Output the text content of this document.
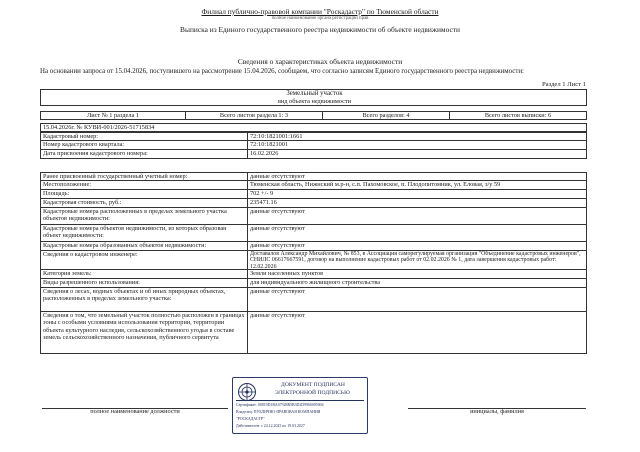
Филиал публично-правовой компании "Роскадастр" по Тюменской области
полное наименование органа регистрации прав
Выписка из Единого государственного реестра недвижимости об объекте недвижимости
Сведения о характеристиках объекта недвижимости
На основании запроса от 15.04.2026, поступившего на рассмотрение 15.04.2026, сообщаем, что согласно записям Единого государственного реестра недвижимости:
Раздел 1 Лист 1
Земельный участок
вид объекта недвижимости
Лист № 1 раздела 1	Всего листов раздела 1: 3	Всего разделов: 4	Всего листов выписки: 6
15.04.2026г. № КУВИ-001/2026-51715834
Кадастровый номер:	72:10:1821001:1661
Номер кадастрового квартала:	72:10:1821001
Дата присвоения кадастрового номера:	16.02.2026
Ранее присвоенный государственный учетный номер:	данные отсутствуют
Местоположение:	Тюменская область, Нижнский м.р-н, с.п. Пахомовское, п. Плодопитомник, ул. Еловая, з/у 59
Площадь:	702 +/- 9
Кадастровая стоимость, руб.:	235471.16
Кадастровые номера расположенных в пределах земельного участка объектов недвижимости:
данные отсутствуют
Кадастровые номера объектов недвижимости, из которых образован объект недвижимости:
данные отсутствуют
Кадастровые номера образованных объектов недвижимости:	данные отсутствуют
Сведения о кадастровом инженере:	Доставалов Александр Михайлович, № 853, в Ассоциация саморегулируемая организация "Объединение кадастровых инженеров", СНИЛС 06617667591, договор на выполнение кадастровых работ от 02.02.2026 № 1, дата завершения кадастровых работ: 12.02.2026
Категория земель:	Земли населенных пунктов
Виды разрешенного использования:	для индивидуального жилищного строительства
Сведения о лесах, водных объектах и об иных природных объектах, расположенных в пределах земельного участка:
данные отсутствуют
Сведения о том, что земельный участок полностью расположен в границах зоны с особыми условиями использования территории, территории объекта культурного наследия, сельскохозяйственного угодья в составе земель сельскохозяйственного назначения, публичного сервитута
данные отсутствуют
полное наименование должности	инициалы, фамилия
ДОКУМЕНТ ПОДПИСАН
ЭЛЕКТРОННОЙ ПОДПИСЬЮ
Сертификат: 00819D1BA07928B5B3D2D9960005004
Владелец: ПУБЛИЧНО-ПРАВОВАЯ КОМПАНИЯ
"РОСКАДАСТР"
Действителен: с 24.12.2025 по 19.03.2027
